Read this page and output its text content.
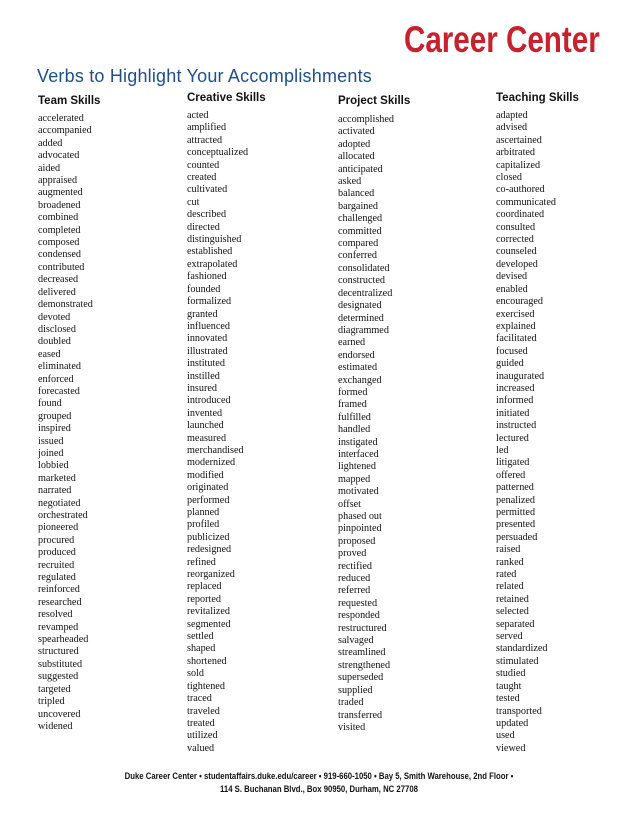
Career Center
Verbs to Highlight Your Accomplishments
Team Skills
accelerated
accompanied
added
advocated
aided
appraised
augmented
broadened
combined
completed
composed
condensed
contributed
decreased
delivered
demonstrated
devoted
disclosed
doubled
eased
eliminated
enforced
forecasted
found
grouped
inspired
issued
joined
lobbied
marketed
narrated
negotiated
orchestrated
pioneered
procured
produced
recruited
regulated
reinforced
researched
resolved
revamped
spearheaded
structured
substituted
suggested
targeted
tripled
uncovered
widened
Creative Skills
acted
amplified
attracted
conceptualized
counted
created
cultivated
cut
described
directed
distinguished
established
extrapolated
fashioned
founded
formalized
granted
influenced
innovated
illustrated
instituted
instilled
insured
introduced
invented
launched
measured
merchandised
modernized
modified
originated
performed
planned
profiled
publicized
redesigned
refined
reorganized
replaced
reported
revitalized
segmented
settled
shaped
shortened
sold
tightened
traced
traveled
treated
utilized
valued
Project Skills
accomplished
activated
adopted
allocated
anticipated
asked
balanced
bargained
challenged
committed
compared
conferred
consolidated
constructed
decentralized
designated
determined
diagrammed
earned
endorsed
estimated
exchanged
formed
framed
fulfilled
handled
instigated
interfaced
lightened
mapped
motivated
offset
phased out
pinpointed
proposed
proved
rectified
reduced
referred
requested
responded
restructured
salvaged
streamlined
strengthened
superseded
supplied
traded
transferred
visited
Teaching Skills
adapted
advised
ascertained
arbitrated
capitalized
closed
co-authored
communicated
coordinated
consulted
corrected
counseled
developed
devised
enabled
encouraged
exercised
explained
facilitated
focused
guided
inaugurated
increased
informed
initiated
instructed
lectured
led
litigated
offered
patterned
penalized
permitted
presented
persuaded
raised
ranked
rated
related
retained
selected
separated
served
standardized
stimulated
studied
taught
tested
transported
updated
used
viewed
Duke Career Center • studentaffairs.duke.edu/career • 919-660-1050 • Bay 5, Smith Warehouse, 2nd Floor •
114 S. Buchanan Blvd., Box 90950, Durham, NC 27708
